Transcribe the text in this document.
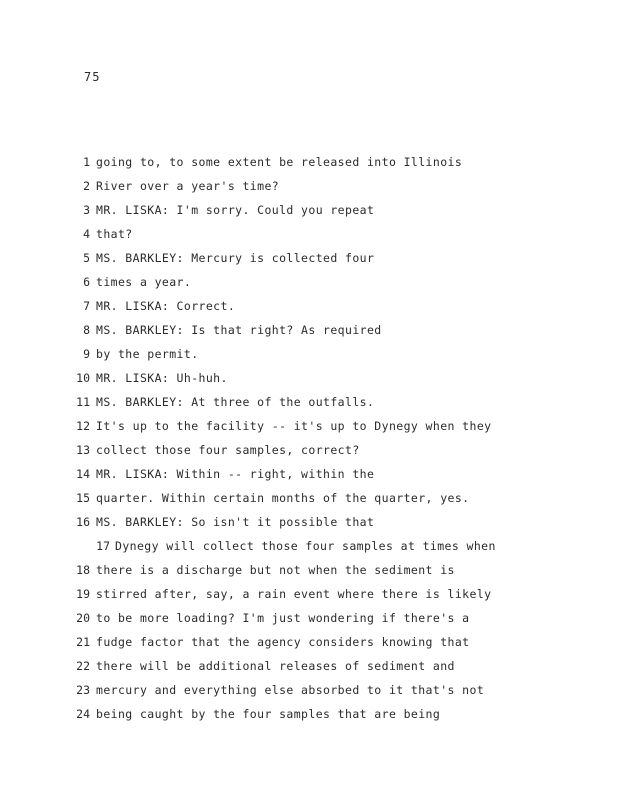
75
1 going to, to some extent be released into Illinois
2 River over a year's time?
3 MR. LISKA: I'm sorry. Could you repeat
4 that?
5 MS. BARKLEY: Mercury is collected four
6 times a year.
7 MR. LISKA: Correct.
8 MS. BARKLEY: Is that right? As required
9 by the permit.
10 MR. LISKA: Uh-huh.
11 MS. BARKLEY: At three of the outfalls.
12 It's up to the facility -- it's up to Dynegy when they
13 collect those four samples, correct?
14 MR. LISKA: Within -- right, within the
15 quarter. Within certain months of the quarter, yes.
16 MS. BARKLEY: So isn't it possible that
17 Dynegy will collect those four samples at times when
18 there is a discharge but not when the sediment is
19 stirred after, say, a rain event where there is likely
20 to be more loading? I'm just wondering if there's a
21 fudge factor that the agency considers knowing that
22 there will be additional releases of sediment and
23 mercury and everything else absorbed to it that's not
24 being caught by the four samples that are being
